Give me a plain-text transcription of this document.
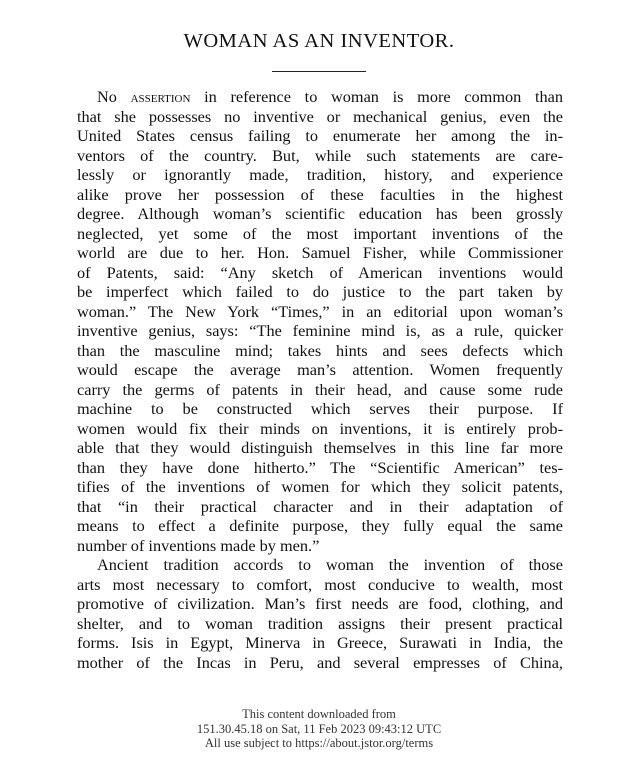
WOMAN AS AN INVENTOR.
No assertion in reference to woman is more common than
that she possesses no inventive or mechanical genius, even the
United States census failing to enumerate her among the in-
ventors of the country. But, while such statements are care-
lessly or ignorantly made, tradition, history, and experience
alike prove her possession of these faculties in the highest
degree. Although woman’s scientific education has been grossly
neglected, yet some of the most important inventions of the
world are due to her. Hon. Samuel Fisher, while Commissioner
of Patents, said: “Any sketch of American inventions would
be imperfect which failed to do justice to the part taken by
woman.” The New York “Times,” in an editorial upon woman’s
inventive genius, says: “The feminine mind is, as a rule, quicker
than the masculine mind; takes hints and sees defects which
would escape the average man’s attention. Women frequently
carry the germs of patents in their head, and cause some rude
machine to be constructed which serves their purpose. If
women would fix their minds on inventions, it is entirely prob-
able that they would distinguish themselves in this line far more
than they have done hitherto.” The “Scientific American” tes-
tifies of the inventions of women for which they solicit patents,
that “in their practical character and in their adaptation of
means to effect a definite purpose, they fully equal the same
number of inventions made by men.”
Ancient tradition accords to woman the invention of those
arts most necessary to comfort, most conducive to wealth, most
promotive of civilization. Man’s first needs are food, clothing, and
shelter, and to woman tradition assigns their present practical
forms. Isis in Egypt, Minerva in Greece, Surawati in India, the
mother of the Incas in Peru, and several empresses of China,
This content downloaded from
151.30.45.18 on Sat, 11 Feb 2023 09:43:12 UTC
All use subject to https://about.jstor.org/terms
